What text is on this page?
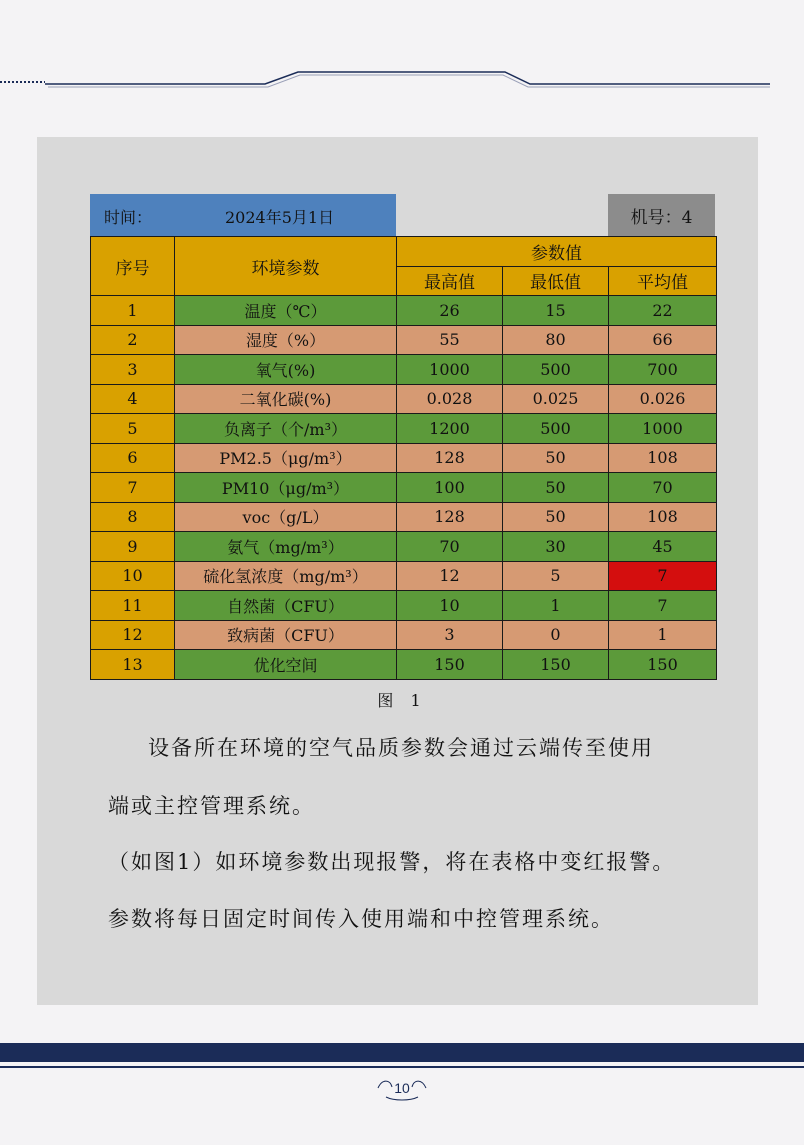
时间：	2024年5月1日	机号：4
序号	环境参数	参数值		
		最高值	最低值	平均值
1	温度（℃）	26	15	22
2	湿度（%）	55	80	66
3	氧气(%)	1000	500	700
4	二氧化碳(%)	0.028	0.025	0.026
5	负离子（个/m³）	1200	500	1000
6	PM2.5（μg/m³）	128	50	108
7	PM10（μg/m³）	100	50	70
8	voc（g/L）	128	50	108
9	氨气（mg/m³）	70	30	45
10	硫化氢浓度（mg/m³）	12	5	7
11	自然菌（CFU）	10	1	7
12	致病菌（CFU）	3	0	1
13	优化空间	150	150	150
图 1
设备所在环境的空气品质参数会通过云端传至使用
端或主控管理系统。
（如图1）如环境参数出现报警，将在表格中变红报警。
参数将每日固定时间传入使用端和中控管理系统。
10
